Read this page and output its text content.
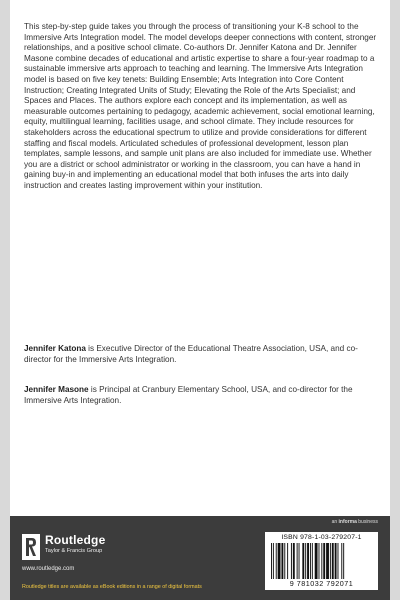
This step-by-step guide takes you through the process of transitioning your K-8 school to the Immersive Arts Integration model. The model develops deeper connections with content, stronger relationships, and a positive school climate. Co-authors Dr. Jennifer Katona and Dr. Jennifer Masone combine decades of educational and artistic expertise to share a four-year roadmap to a sustainable immersive arts approach to teaching and learning. The Immersive Arts Integration model is based on five key tenets: Building Ensemble; Arts Integration into Core Content Instruction; Creating Integrated Units of Study; Elevating the Role of the Arts Specialist; and Spaces and Places. The authors explore each concept and its implementation, as well as measurable outcomes pertaining to pedagogy, academic achievement, social emotional learning, equity, multilingual learning, facilities usage, and school climate. They include resources for stakeholders across the educational spectrum to utilize and provide considerations for different staffing and fiscal models. Articulated schedules of professional development, lesson plan templates, sample lessons, and sample unit plans are also included for immediate use. Whether you are a district or school administrator or working in the classroom, you can have a hand in gaining buy-in and implementing an educational model that both infuses the arts into daily instruction and creates lasting improvement within your institution.

Jennifer Katona is Executive Director of the Educational Theatre Association, USA, and co-director for the Immersive Arts Integration.

Jennifer Masone is Principal at Cranbury Elementary School, USA, and co-director for the Immersive Arts Integration.

an informa business
Routledge
Taylor & Francis Group
www.routledge.com
Routledge titles are available as eBook editions in a range of digital formats
ISBN 978-1-03-279207-1
9 781032 792071
